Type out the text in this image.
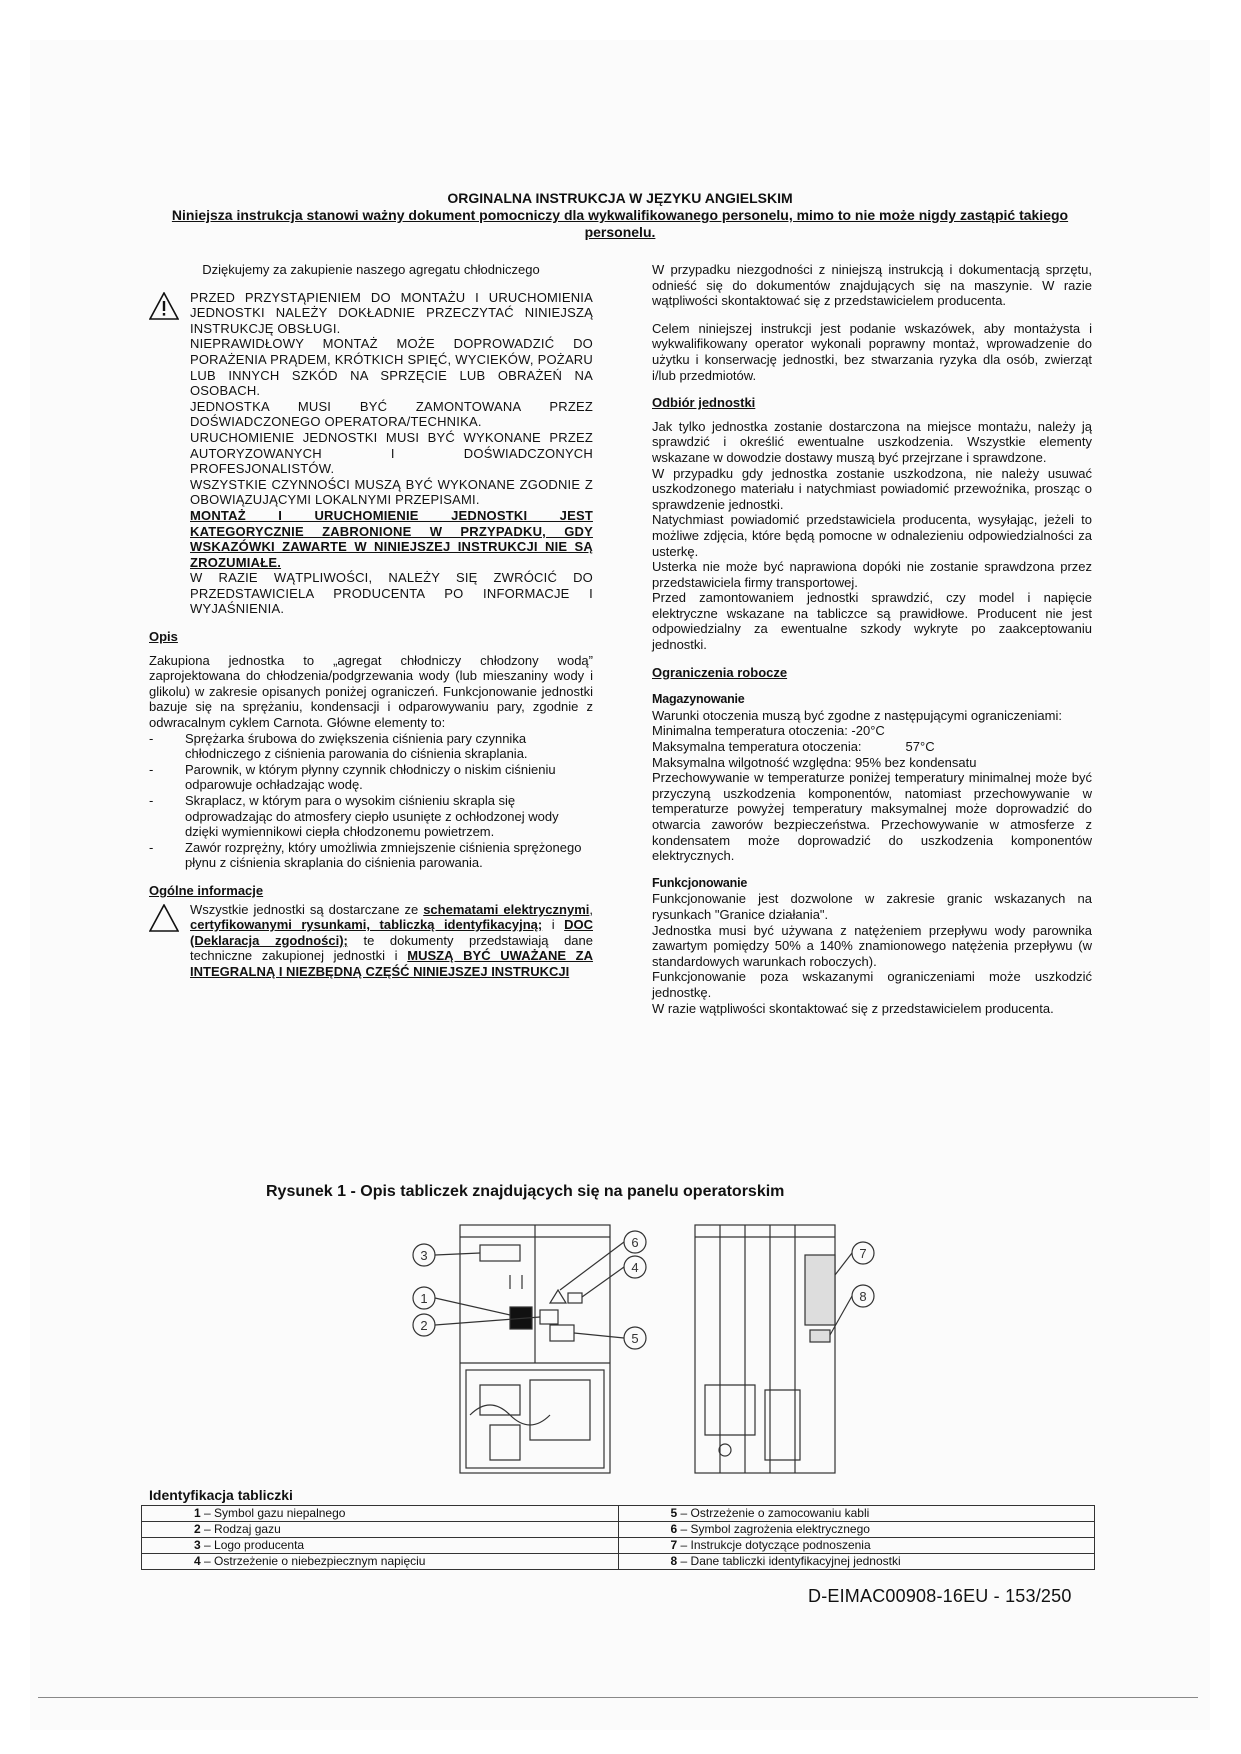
ORGINALNA INSTRUKCJA W JĘZYKU ANGIELSKIM
Niniejsza instrukcja stanowi ważny dokument pomocniczy dla wykwalifikowanego personelu, mimo to nie może nigdy zastąpić takiego personelu.

Dziękujemy za zakupienie naszego agregatu chłodniczego

PRZED PRZYSTĄPIENIEM DO MONTAŻU I URUCHOMIENIA JEDNOSTKI NALEŻY DOKŁADNIE PRZECZYTAĆ NINIEJSZĄ INSTRUKCJĘ OBSŁUGI.

NIEPRAWIDŁOWY MONTAŻ MOŻE DOPROWADZIĆ DO PORAŻENIA PRĄDEM, KRÓTKICH SPIĘĆ, WYCIEKÓW, POŻARU LUB INNYCH SZKÓD NA SPRZĘCIE LUB OBRAŻEŃ NA OSOBACH.

JEDNOSTKA MUSI BYĆ ZAMONTOWANA PRZEZ DOŚWIADCZONEGO OPERATORA/TECHNIKA.

URUCHOMIENIE JEDNOSTKI MUSI BYĆ WYKONANE PRZEZ AUTORYZOWANYCH I DOŚWIADCZONYCH PROFESJONALISTÓW.

WSZYSTKIE CZYNNOŚCI MUSZĄ BYĆ WYKONANE ZGODNIE Z OBOWIĄZUJĄCYMI LOKALNYMI PRZEPISAMI.

MONTAŻ I URUCHOMIENIE JEDNOSTKI JEST KATEGORYCZNIE ZABRONIONE W PRZYPADKU, GDY WSKAZÓWKI ZAWARTE W NINIEJSZEJ INSTRUKCJI NIE SĄ ZROZUMIAŁE.

W RAZIE WĄTPLIWOŚCI, NALEŻY SIĘ ZWRÓCIĆ DO PRZEDSTAWICIELA PRODUCENTA PO INFORMACJE I WYJAŚNIENIA.

Opis

Zakupiona jednostka to „agregat chłodniczy chłodzony wodą” zaprojektowana do chłodzenia/podgrzewania wody (lub mieszaniny wody i glikolu) w zakresie opisanych poniżej ograniczeń. Funkcjonowanie jednostki bazuje się na sprężaniu, kondensacji i odparowywaniu pary, zgodnie z odwracalnym cyklem Carnota. Główne elementy to:

- Sprężarka śrubowa do zwiększenia ciśnienia pary czynnika chłodniczego z ciśnienia parowania do ciśnienia skraplania.
- Parownik, w którym płynny czynnik chłodniczy o niskim ciśnieniu odparowuje ochładzając wodę.
- Skraplacz, w którym para o wysokim ciśnieniu skrapla się odprowadzając do atmosfery ciepło usunięte z ochłodzonej wody dzięki wymiennikowi ciepła chłodzonemu powietrzem.
- Zawór rozprężny, który umożliwia zmniejszenie ciśnienia sprężonego płynu z ciśnienia skraplania do ciśnienia parowania.
Ogólne informacje

Wszystkie jednostki są dostarczane ze schematami elektrycznymi, certyfikowanymi rysunkami, tabliczką identyfikacyjną; i DOC (Deklaracja zgodności); te dokumenty przedstawiają dane techniczne zakupionej jednostki i MUSZĄ BYĆ UWAŻANE ZA INTEGRALNĄ I NIEZBĘDNĄ CZĘŚĆ NINIEJSZEJ INSTRUKCJI

W przypadku niezgodności z niniejszą instrukcją i dokumentacją sprzętu, odnieść się do dokumentów znajdujących się na maszynie. W razie wątpliwości skontaktować się z przedstawicielem producenta.

Celem niniejszej instrukcji jest podanie wskazówek, aby montażysta i wykwalifikowany operator wykonali poprawny montaż, wprowadzenie do użytku i konserwację jednostki, bez stwarzania ryzyka dla osób, zwierząt i/lub przedmiotów.

Odbiór jednostki

Jak tylko jednostka zostanie dostarczona na miejsce montażu, należy ją sprawdzić i określić ewentualne uszkodzenia. Wszystkie elementy wskazane w dowodzie dostawy muszą być przejrzane i sprawdzone.

W przypadku gdy jednostka zostanie uszkodzona, nie należy usuwać uszkodzonego materiału i natychmiast powiadomić przewoźnika, prosząc o sprawdzenie jednostki.

Natychmiast powiadomić przedstawiciela producenta, wysyłając, jeżeli to możliwe zdjęcia, które będą pomocne w odnalezieniu odpowiedzialności za usterkę.

Usterka nie może być naprawiona dopóki nie zostanie sprawdzona przez przedstawiciela firmy transportowej.

Przed zamontowaniem jednostki sprawdzić, czy model i napięcie elektryczne wskazane na tabliczce są prawidłowe. Producent nie jest odpowiedzialny za ewentualne szkody wykryte po zaakceptowaniu jednostki.

Ograniczenia robocze
Magazynowanie

Warunki otoczenia muszą być zgodne z następującymi ograniczeniami:

Minimalna temperatura otoczenia: -20°C

Maksymalna temperatura otoczenia:	57°C

Maksymalna wilgotność względna: 95% bez kondensatu

Przechowywanie w temperaturze poniżej temperatury minimalnej może być przyczyną uszkodzenia komponentów, natomiast przechowywanie w temperaturze powyżej temperatury maksymalnej może doprowadzić do otwarcia zaworów bezpieczeństwa. Przechowywanie w atmosferze z kondensatem może doprowadzić do uszkodzenia komponentów elektrycznych.

Funkcjonowanie

Funkcjonowanie jest dozwolone w zakresie granic wskazanych na rysunkach "Granice działania".

Jednostka musi być używana z natężeniem przepływu wody parownika zawartym pomiędzy 50% a 140% znamionowego natężenia przepływu (w standardowych warunkach roboczych).

Funkcjonowanie poza wskazanymi ograniczeniami może uszkodzić jednostkę.

W razie wątpliwości skontaktować się z przedstawicielem producenta.

Rysunek 1 - Opis tabliczek znajdujących się na panelu operatorskim
3
1
2
6
4
5
7
8
Identyfikacja tabliczki
1 – Symbol gazu niepalnego	5 – Ostrzeżenie o zamocowaniu kabli
2 – Rodzaj gazu	6 – Symbol zagrożenia elektrycznego
3 – Logo producenta	7 – Instrukcje dotyczące podnoszenia
4 – Ostrzeżenie o niebezpiecznym napięciu	8 – Dane tabliczki identyfikacyjnej jednostki
D-EIMAC00908-16EU - 153/250
